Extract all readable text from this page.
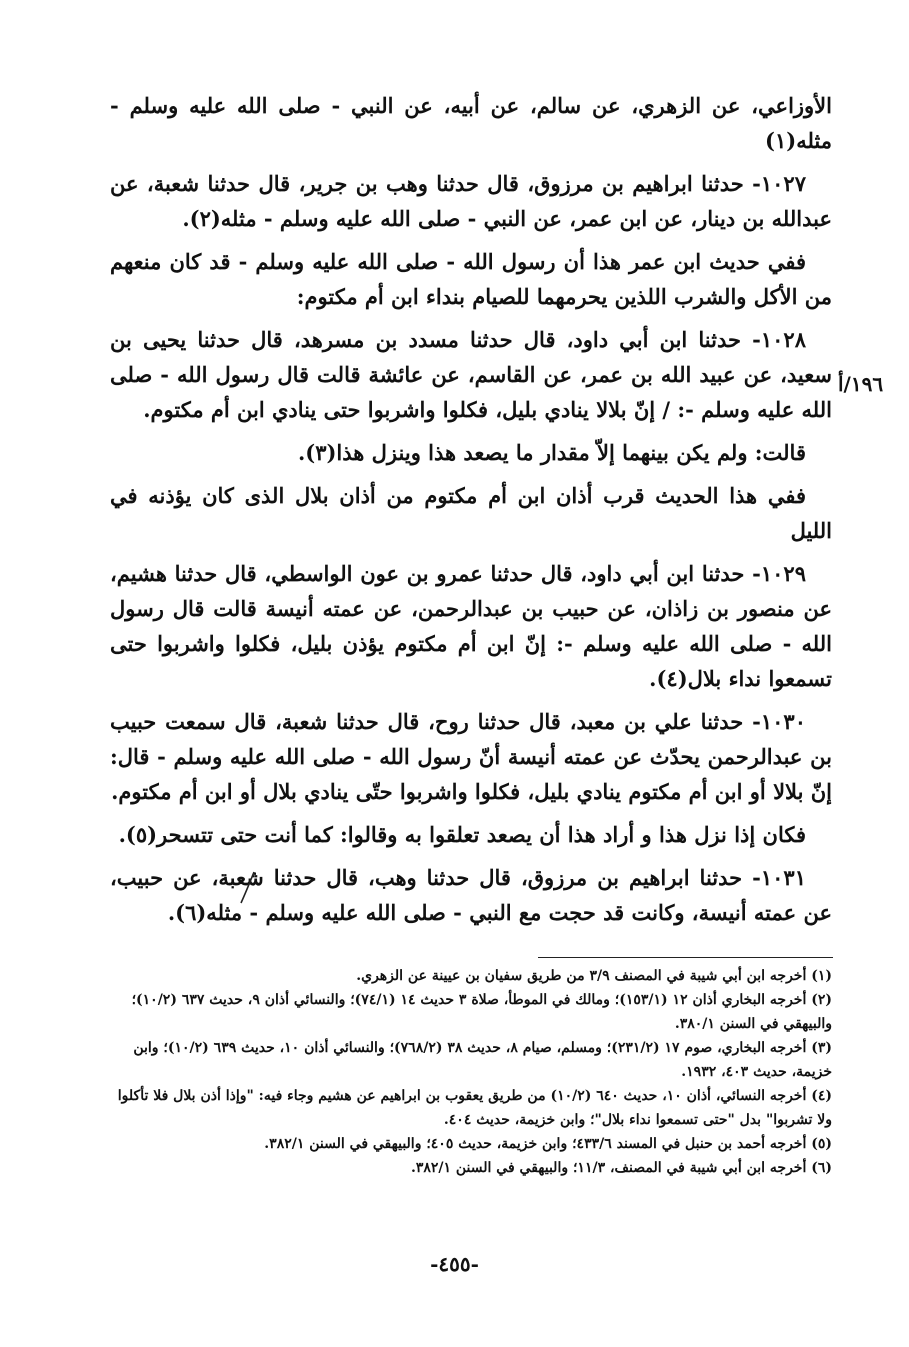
الأوزاعي، عن الزهري، عن سالم، عن أبيه، عن النبي - صلى الله عليه وسلم - مثله(١)

١٠٢٧- حدثنا ابراهيم بن مرزوق، قال حدثنا وهب بن جرير، قال حدثنا شعبة، عن عبدالله بن دينار، عن ابن عمر، عن النبي - صلى الله عليه وسلم - مثله(٢).

ففي حديث ابن عمر هذا أن رسول الله - صلى الله عليه وسلم - قد كان منعهم من الأكل والشرب اللذين يحرمهما للصيام بنداء ابن أم مكتوم:

١٠٢٨- حدثنا ابن أبي داود، قال حدثنا مسدد بن مسرهد، قال حدثنا يحيى بن سعيد، عن عبيد الله بن عمر، عن القاسم، عن عائشة قالت قال رسول الله - صلى الله عليه وسلم -: / إنّ بلالا ينادي بليل، فكلوا واشربوا حتى ينادي ابن أم مكتوم.

قالت: ولم يكن بينهما إلاّ مقدار ما يصعد هذا وينزل هذا(٣).

ففي هذا الحديث قرب أذان ابن أم مكتوم من أذان بلال الذى كان يؤذنه في الليل

١٠٢٩- حدثنا ابن أبي داود، قال حدثنا عمرو بن عون الواسطي، قال حدثنا هشيم، عن منصور بن زاذان، عن حبيب بن عبدالرحمن، عن عمته أنيسة قالت قال رسول الله - صلى الله عليه وسلم -: إنّ ابن أم مكتوم يؤذن بليل، فكلوا واشربوا حتى تسمعوا نداء بلال(٤).

١٠٣٠- حدثنا علي بن معبد، قال حدثنا روح، قال حدثنا شعبة، قال سمعت حبيب بن عبدالرحمن يحدّث عن عمته أنيسة أنّ رسول الله - صلى الله عليه وسلم - قال: إنّ بلالا أو ابن أم مكتوم ينادي بليل، فكلوا واشربوا حتّى ينادي بلال أو ابن أم مكتوم.

فكان إذا نزل هذا و أراد هذا أن يصعد تعلقوا به وقالوا: كما أنت حتى تتسحر(٥).

١٠٣١- حدثنا ابراهيم بن مرزوق، قال حدثنا وهب، قال حدثنا شعبة، عن حبيب، عن عمته أنيسة، وكانت قد حجت مع النبي - صلى الله عليه وسلم - مثله(٦).

١٩٦/أ

(١) أخرجه ابن أبي شيبة في المصنف ٣/٩ من طريق سفيان بن عيينة عن الزهري.

(٢) أخرجه البخاري أذان ١٢ (١٥٣/١)؛ ومالك في الموطأ، صلاة ٣ حديث ١٤ (٧٤/١)؛ والنسائي أذان ٩، حديث ٦٣٧ (١٠/٢)؛ والبيهقي في السنن ٣٨٠/١.

(٣) أخرجه البخاري، صوم ١٧ (٢٣١/٢)؛ ومسلم، صيام ٨، حديث ٣٨ (٧٦٨/٢)؛ والنسائي أذان ١٠، حديث ٦٣٩ (١٠/٢)؛ وابن خزيمة، حديث ٤٠٣، ١٩٣٢.

(٤) أخرجه النسائي، أذان ١٠، حديث ٦٤٠ (١٠/٢) من طريق يعقوب بن ابراهيم عن هشيم وجاء فيه: "وإذا أذن بلال فلا تأكلوا ولا تشربوا" بدل "حتى تسمعوا نداء بلال"؛ وابن خزيمة، حديث ٤٠٤.

(٥) أخرجه أحمد بن حنبل في المسند ٤٣٣/٦؛ وابن خزيمة، حديث ٤٠٥؛ والبيهقي في السنن ٣٨٢/١.

(٦) أخرجه ابن أبي شيبة في المصنف، ١١/٣؛ والبيهقي في السنن ٣٨٢/١.

-٤٥٥-
